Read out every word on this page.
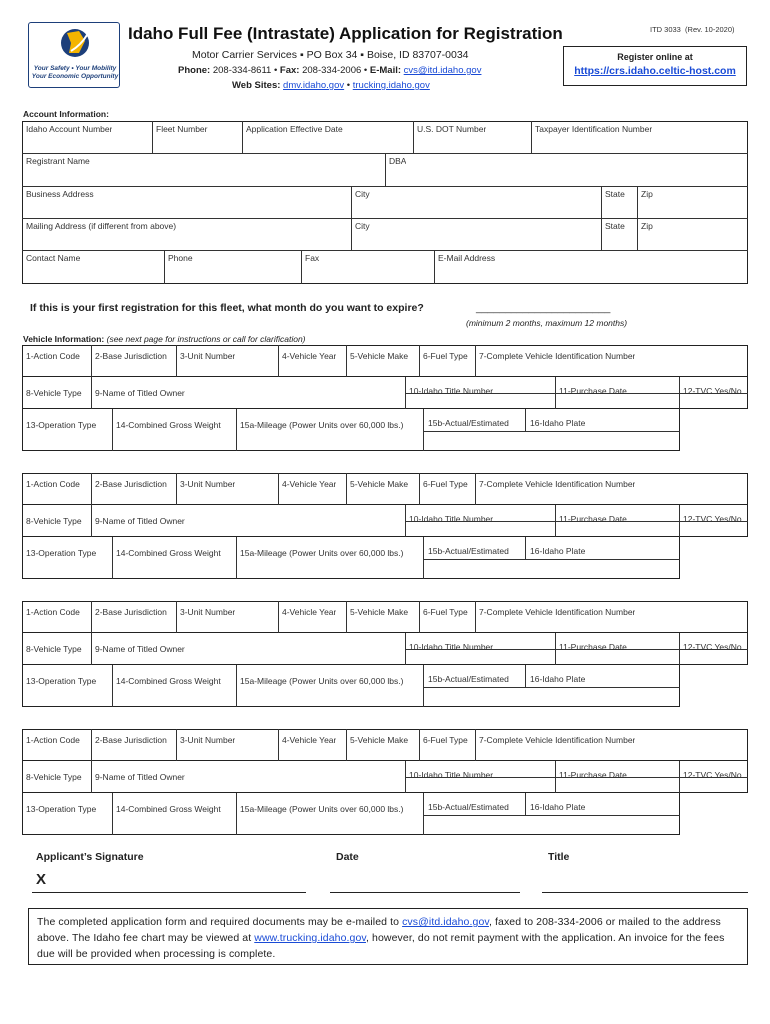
Your Safety • Your Mobility
Your Economic Opportunity
Idaho Full Fee (Intrastate) Application for Registration	ITD 3033 (Rev. 10-2020)
Motor Carrier Services ▪ PO Box 34 ▪ Boise, ID 83707-0034
Phone: 208-334-8611 • Fax: 208-334-2006 • E-Mail: cvs@itd.idaho.gov
Web Sites: dmv.idaho.gov • trucking.idaho.gov
Register online at
https://crs.idaho.celtic-host.com
Account Information:
Idaho Account Number	Fleet Number	Application Effective Date	U.S. DOT Number	Taxpayer Identification Number
Registrant Name	DBA
Business Address	City	State	Zip
Mailing Address (if different from above)	City	State	Zip
Contact Name	Phone	Fax	E-Mail Address
If this is your first registration for this fleet, what month do you want to expire?	_______________________
(minimum 2 months, maximum 12 months)
Vehicle Information: (see next page for instructions or call for clarification)
1-Action Code	2-Base Jurisdiction	3-Unit Number	4-Vehicle Year	5-Vehicle Make	6-Fuel Type	7-Complete Vehicle Identification Number
8-Vehicle Type	9-Name of Titled Owner	10-Idaho Title Number	11-Purchase Date	12-TVC Yes/No
13-Operation Type	14-Combined Gross Weight	15a-Mileage (Power Units over 60,000 lbs.)	15b-Actual/Estimated	16-Idaho Plate
1-Action Code	2-Base Jurisdiction	3-Unit Number	4-Vehicle Year	5-Vehicle Make	6-Fuel Type	7-Complete Vehicle Identification Number
8-Vehicle Type	9-Name of Titled Owner	10-Idaho Title Number	11-Purchase Date	12-TVC Yes/No
13-Operation Type	14-Combined Gross Weight	15a-Mileage (Power Units over 60,000 lbs.)	15b-Actual/Estimated	16-Idaho Plate
1-Action Code	2-Base Jurisdiction	3-Unit Number	4-Vehicle Year	5-Vehicle Make	6-Fuel Type	7-Complete Vehicle Identification Number
8-Vehicle Type	9-Name of Titled Owner	10-Idaho Title Number	11-Purchase Date	12-TVC Yes/No
13-Operation Type	14-Combined Gross Weight	15a-Mileage (Power Units over 60,000 lbs.)	15b-Actual/Estimated	16-Idaho Plate
1-Action Code	2-Base Jurisdiction	3-Unit Number	4-Vehicle Year	5-Vehicle Make	6-Fuel Type	7-Complete Vehicle Identification Number
8-Vehicle Type	9-Name of Titled Owner	10-Idaho Title Number	11-Purchase Date	12-TVC Yes/No
13-Operation Type	14-Combined Gross Weight	15a-Mileage (Power Units over 60,000 lbs.)	15b-Actual/Estimated	16-Idaho Plate
Applicant’s Signature	Date	Title
X
The completed application form and required documents may be e-mailed to cvs@itd.idaho.gov, faxed to 208-334-2006 or mailed to the address above. The Idaho fee chart may be viewed at www.trucking.idaho.gov, however, do not remit payment with the application. An invoice for the fees due will be provided when processing is complete.
